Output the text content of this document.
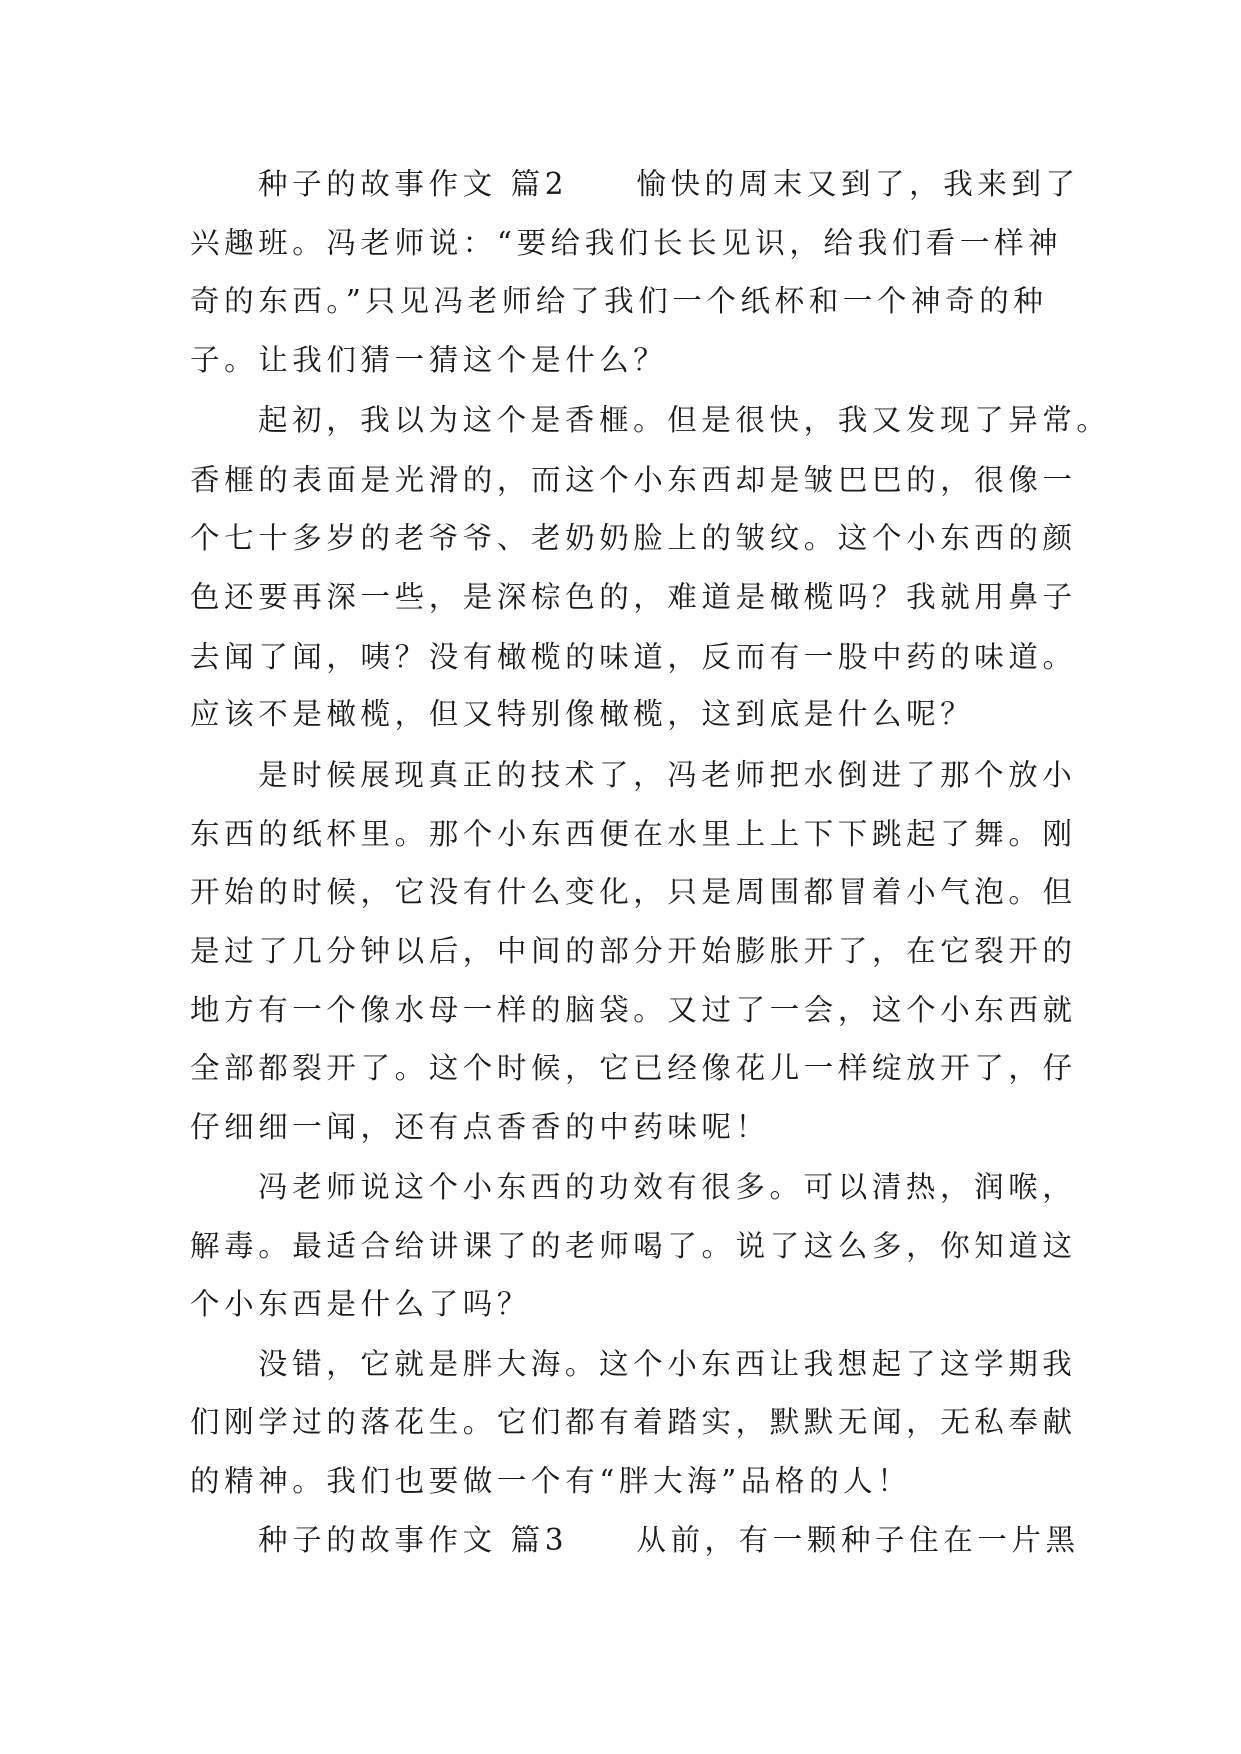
种子的故事作文 篇2　　愉快的周末又到了，我来到了
兴趣班。冯老师说：“要给我们长长见识，给我们看一样神
奇的东西。”只见冯老师给了我们一个纸杯和一个神奇的种
子。让我们猜一猜这个是什么？
起初，我以为这个是香榧。但是很快，我又发现了异常。
香榧的表面是光滑的，而这个小东西却是皱巴巴的，很像一
个七十多岁的老爷爷、老奶奶脸上的皱纹。这个小东西的颜
色还要再深一些，是深棕色的，难道是橄榄吗？我就用鼻子
去闻了闻，咦？没有橄榄的味道，反而有一股中药的味道。
应该不是橄榄，但又特别像橄榄，这到底是什么呢？
是时候展现真正的技术了，冯老师把水倒进了那个放小
东西的纸杯里。那个小东西便在水里上上下下跳起了舞。刚
开始的时候，它没有什么变化，只是周围都冒着小气泡。但
是过了几分钟以后，中间的部分开始膨胀开了，在它裂开的
地方有一个像水母一样的脑袋。又过了一会，这个小东西就
全部都裂开了。这个时候，它已经像花儿一样绽放开了，仔
仔细细一闻，还有点香香的中药味呢！
冯老师说这个小东西的功效有很多。可以清热，润喉，
解毒。最适合给讲课了的老师喝了。说了这么多，你知道这
个小东西是什么了吗？
没错，它就是胖大海。这个小东西让我想起了这学期我
们刚学过的落花生。它们都有着踏实，默默无闻，无私奉献
的精神。我们也要做一个有“胖大海”品格的人！
种子的故事作文 篇3　　从前，有一颗种子住在一片黑
